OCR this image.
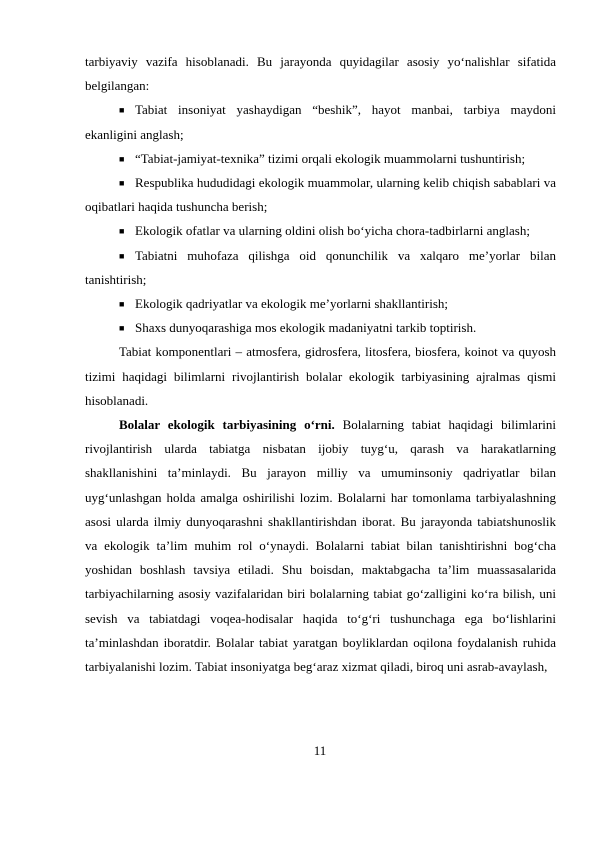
tarbiyaviy vazifa hisoblanadi. Bu jarayonda quyidagilar asosiy yo‘nalishlar sifatida belgilangan:

■ Tabiat insoniyat yashaydigan “beshik”, hayot manbai, tarbiya maydoni ekanligini anglash;

■ “Tabiat-jamiyat-texnika” tizimi orqali ekologik muammolarni tushuntirish;

■ Respublika hududidagi ekologik muammolar, ularning kelib chiqish sabablari va oqibatlari haqida tushuncha berish;

■ Ekologik ofatlar va ularning oldini olish bo‘yicha chora-tadbirlarni anglash;

■ Tabiatni muhofaza qilishga oid qonunchilik va xalqaro me’yorlar bilan tanishtirish;

■ Ekologik qadriyatlar va ekologik me’yorlarni shakllantirish;

■ Shaxs dunyoqarashiga mos ekologik madaniyatni tarkib toptirish.

Tabiat komponentlari – atmosfera, gidrosfera, litosfera, biosfera, koinot va quyosh tizimi haqidagi bilimlarni rivojlantirish bolalar ekologik tarbiyasining ajralmas qismi hisoblanadi.

Bolalar ekologik tarbiyasining o‘rni. Bolalarning tabiat haqidagi bilimlarini rivojlantirish ularda tabiatga nisbatan ijobiy tuyg‘u, qarash va harakatlarning shakllanishini ta’minlaydi. Bu jarayon milliy va umuminsoniy qadriyatlar bilan uyg‘unlashgan holda amalga oshirilishi lozim. Bolalarni har tomonlama tarbiyalashning asosi ularda ilmiy dunyoqarashni shakllantirishdan iborat. Bu jarayonda tabiatshunoslik va ekologik ta’lim muhim rol o‘ynaydi. Bolalarni tabiat bilan tanishtirishni bog‘cha yoshidan boshlash tavsiya etiladi. Shu boisdan, maktabgacha ta’lim muassasalarida tarbiyachilarning asosiy vazifalaridan biri bolalarning tabiat go‘zalligini ko‘ra bilish, uni sevish va tabiatdagi voqea-hodisalar haqida to‘g‘ri tushunchaga ega bo‘lishlarini ta’minlashdan iboratdir. Bolalar tabiat yaratgan boyliklardan oqilona foydalanish ruhida tarbiyalanishi lozim. Tabiat insoniyatga beg‘araz xizmat qiladi, biroq uni asrab-avaylash,

11
